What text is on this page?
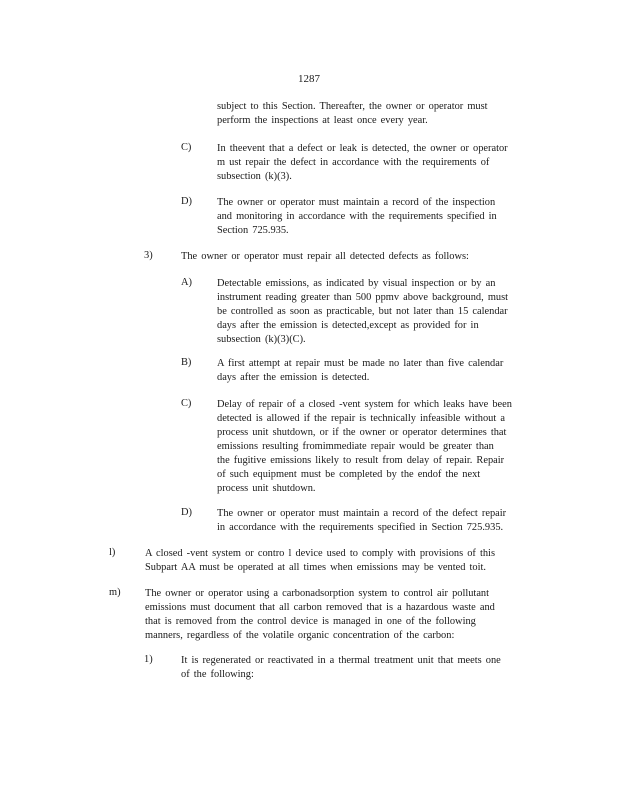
1287
subject to this Section. Thereafter, the owner or operator must
perform the inspections at least once every year.
C) In theevent that a defect or leak is detected, the owner or operator
m ust repair the defect in accordance with the requirements of
subsection (k)(3).
D) The owner or operator must maintain a record of the inspection
and monitoring in accordance with the requirements specified in
Section 725.935.
3)	The owner or operator must repair all detected defects as follows:
A) Detectable emissions, as indicated by visual inspection or by an
instrument reading greater than 500 ppmv above background, must
be controlled as soon as practicable, but not later than 15 calendar
days after the emission is detected,except as provided for in
subsection (k)(3)(C).
B) A first attempt at repair must be made no later than five calendar
days after the emission is detected.
C) Delay of repair of a closed -vent system for which leaks have been
detected is allowed if the repair is technically infeasible without a
process unit shutdown, or if the owner or operator determines that
emissions resulting fromimmediate repair would be greater than
the fugitive emissions likely to result from delay of repair. Repair
of such equipment must be completed by the endof the next
process unit shutdown.
D) The owner or operator must maintain a record of the defect repair
in accordance with the requirements specified in Section 725.935.
l)	A closed -vent system or contro l device used to comply with provisions of this
Subpart AA must be operated at all times when emissions may be vented toit.
m) The owner or operator using a carbonadsorption system to control air pollutant
emissions must document that all carbon removed that is a hazardous waste and
that is removed from the control device is managed in one of the following
manners, regardless of the volatile organic concentration of the carbon:
1)	It is regenerated or reactivated in a thermal treatment unit that meets one
of the following:
